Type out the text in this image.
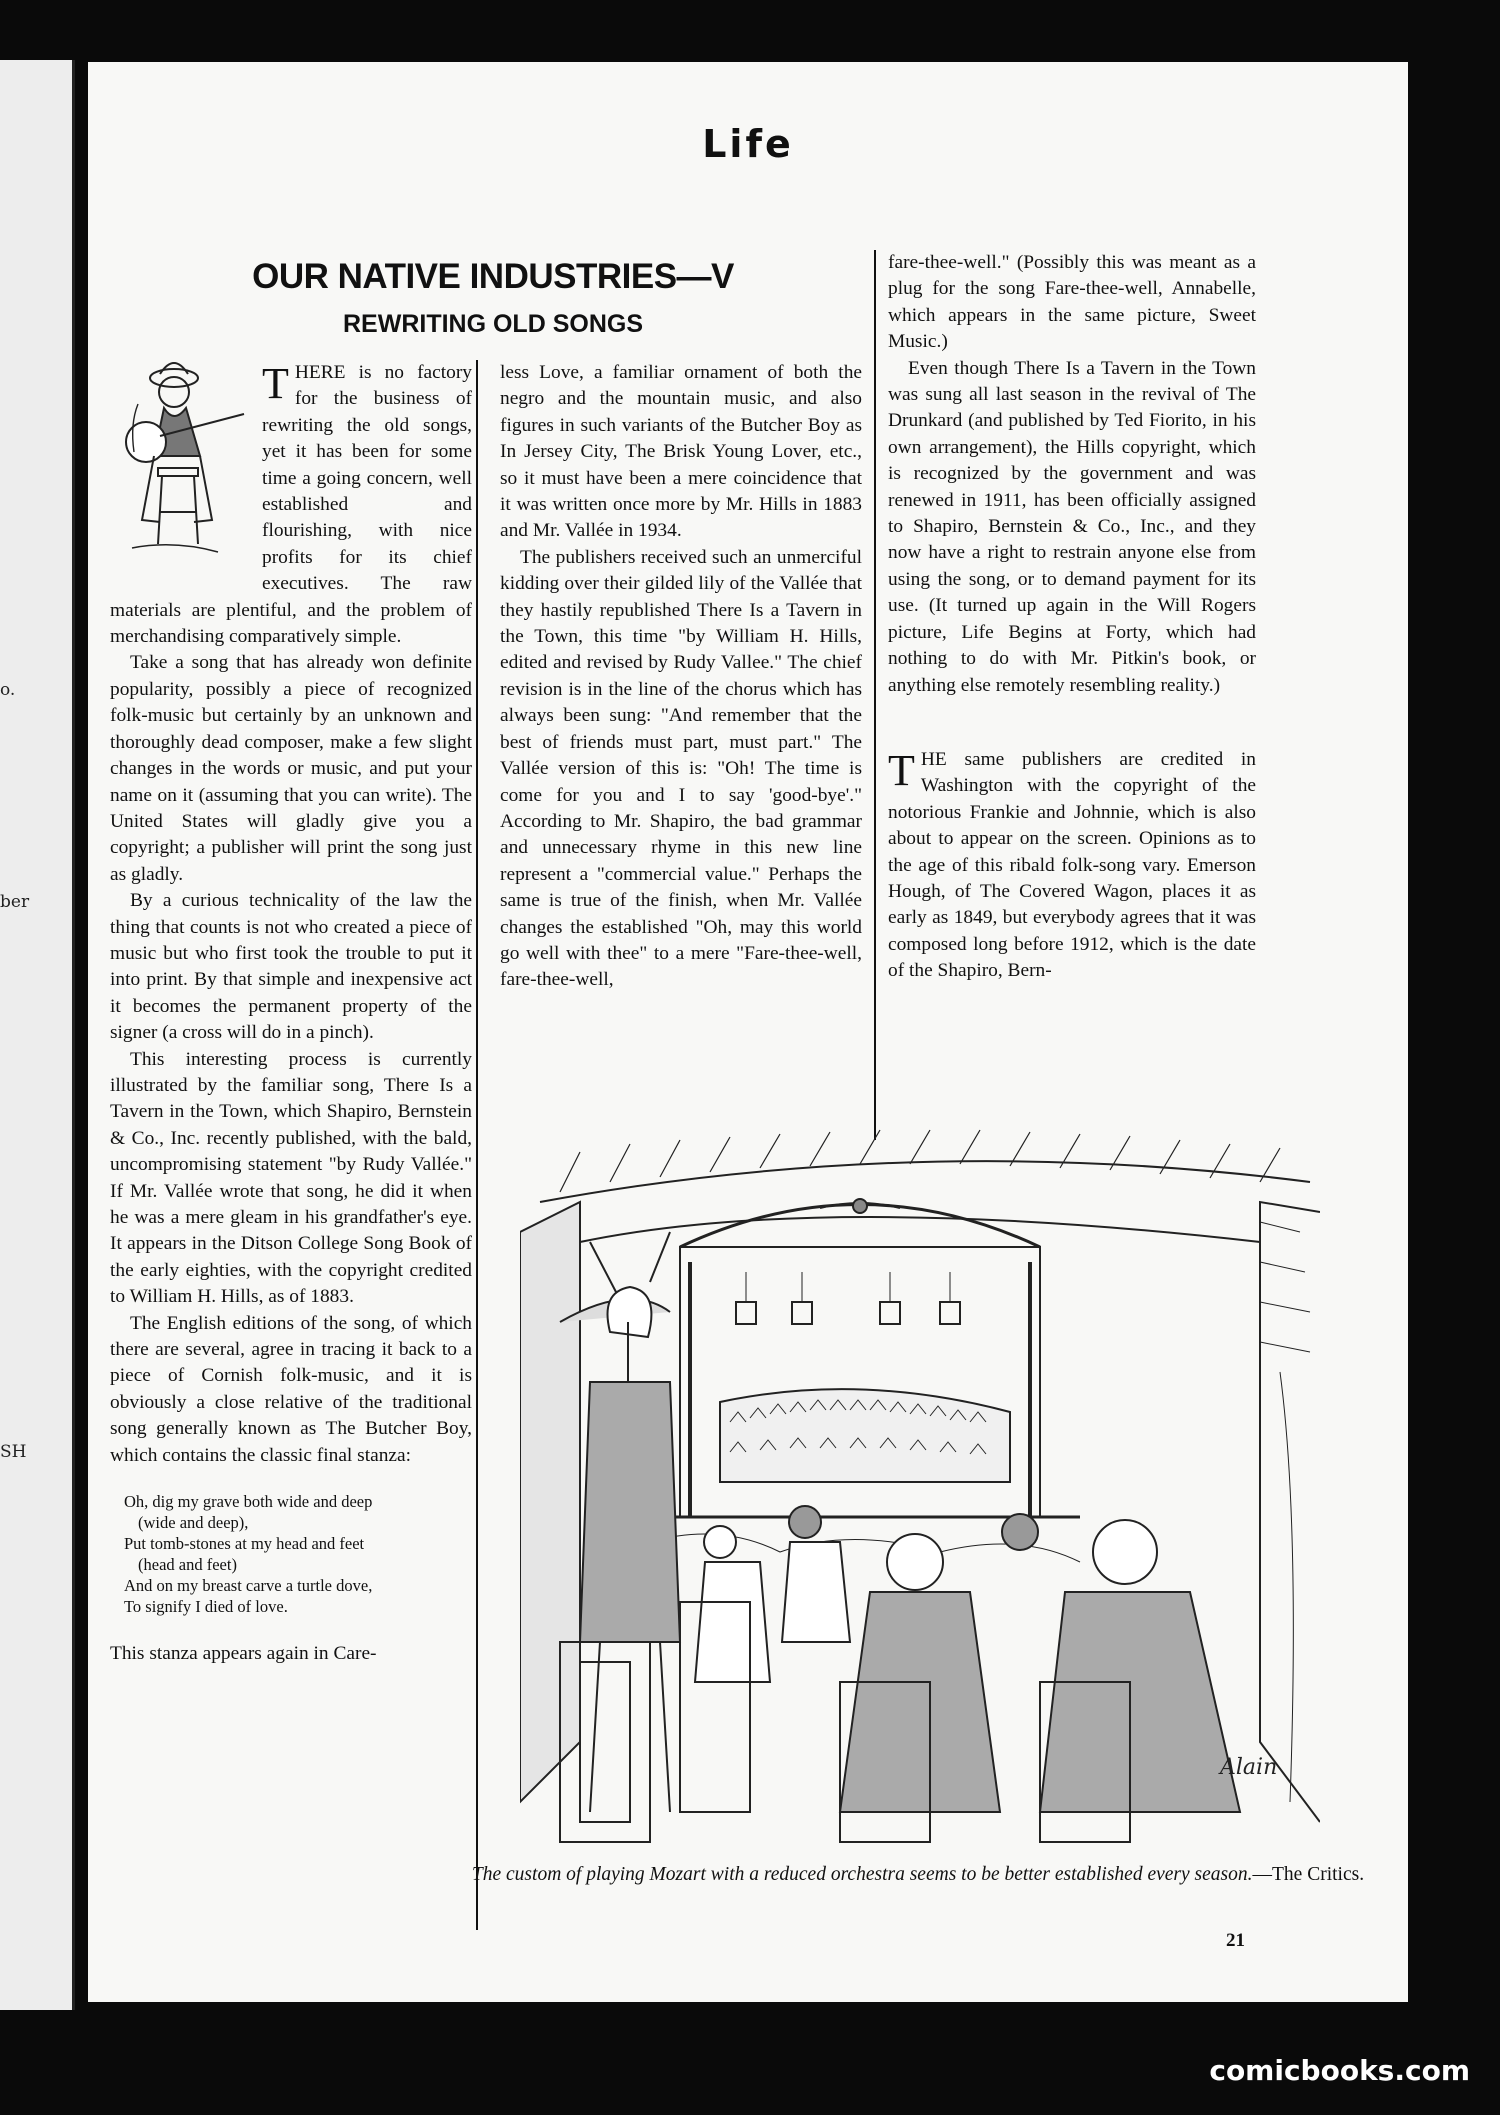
o.
ber
SH
Life
OUR NATIVE INDUSTRIES—V
REWRITING OLD SONGS

THERE is no factory for the business of rewriting the old songs, yet it has been for some time a going concern, well established and flourishing, with nice profits for its chief executives. The raw materials are plentiful, and the problem of merchandising comparatively simple.

Take a song that has already won definite popularity, possibly a piece of recognized folk-music but certainly by an unknown and thoroughly dead composer, make a few slight changes in the words or music, and put your name on it (assuming that you can write). The United States will gladly give you a copyright; a publisher will print the song just as gladly.

By a curious technicality of the law the thing that counts is not who created a piece of music but who first took the trouble to put it into print. By that simple and inexpensive act it becomes the permanent property of the signer (a cross will do in a pinch).

This interesting process is currently illustrated by the familiar song, There Is a Tavern in the Town, which Shapiro, Bernstein & Co., Inc. recently published, with the bald, uncompromising statement "by Rudy Vallée." If Mr. Vallée wrote that song, he did it when he was a mere gleam in his grandfather's eye. It appears in the Ditson College Song Book of the early eighties, with the copyright credited to William H. Hills, as of 1883.

The English editions of the song, of which there are several, agree in tracing it back to a piece of Cornish folk-music, and it is obviously a close relative of the traditional song generally known as The Butcher Boy, which contains the classic final stanza:

Oh, dig my grave both wide and deep
(wide and deep),
Put tomb-stones at my head and feet
(head and feet)
And on my breast carve a turtle dove,
To signify I died of love.

This stanza appears again in Care-

less Love, a familiar ornament of both the negro and the mountain music, and also figures in such variants of the Butcher Boy as In Jersey City, The Brisk Young Lover, etc., so it must have been a mere coincidence that it was written once more by Mr. Hills in 1883 and Mr. Vallée in 1934.

The publishers received such an unmerciful kidding over their gilded lily of the Vallée that they hastily republished There Is a Tavern in the Town, this time "by William H. Hills, edited and revised by Rudy Vallee." The chief revision is in the line of the chorus which has always been sung: "And remember that the best of friends must part, must part." The Vallée version of this is: "Oh! The time is come for you and I to say 'good-bye'." According to Mr. Shapiro, the bad grammar and unnecessary rhyme in this new line represent a "commercial value." Perhaps the same is true of the finish, when Mr. Vallée changes the established "Oh, may this world go well with thee" to a mere "Fare-thee-well, fare-thee-well,

fare-thee-well." (Possibly this was meant as a plug for the song Fare-thee-well, Annabelle, which appears in the same picture, Sweet Music.)

Even though There Is a Tavern in the Town was sung all last season in the revival of The Drunkard (and published by Ted Fiorito, in his own arrangement), the Hills copyright, which is recognized by the government and was renewed in 1911, has been officially assigned to Shapiro, Bernstein & Co., Inc., and they now have a right to restrain anyone else from using the song, or to demand payment for its use. (It turned up again in the Will Rogers picture, Life Begins at Forty, which had nothing to do with Mr. Pitkin's book, or anything else remotely resembling reality.)

THE same publishers are credited in Washington with the copyright of the notorious Frankie and Johnnie, which is also about to appear on the screen. Opinions as to the age of this ribald folk-song vary. Emerson Hough, of The Covered Wagon, places it as early as 1849, but everybody agrees that it was composed long before 1912, which is the date of the Shapiro, Bern-

Alain
The custom of playing Mozart with a reduced orchestra seems to be better established every season.—The Critics.
21
comicbooks.com
